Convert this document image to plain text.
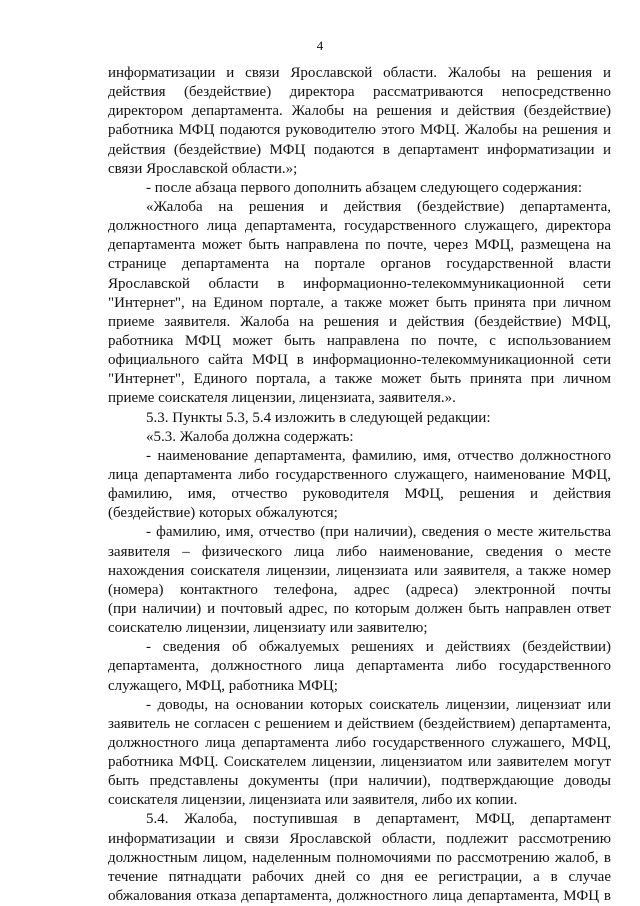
4
информатизации и связи Ярославской области. Жалобы на решения и
действия (бездействие) директора рассматриваются непосредственно
директором департамента. Жалобы на решения и действия (бездействие)
работника МФЦ подаются руководителю этого МФЦ. Жалобы на решения и
действия (бездействие) МФЦ подаются в департамент информатизации и
связи Ярославской области.»;
- после абзаца первого дополнить абзацем следующего содержания:
«Жалоба на решения и действия (бездействие) департамента,
должностного лица департамента, государственного служащего, директора
департамента может быть направлена по почте, через МФЦ, размещена на
странице департамента на портале органов государственной власти
Ярославской области в информационно-телекоммуникационной сети
"Интернет", на Едином портале, а также может быть принята при личном
приеме заявителя. Жалоба на решения и действия (бездействие) МФЦ,
работника МФЦ может быть направлена по почте, с использованием
официального сайта МФЦ в информационно-телекоммуникационной сети
"Интернет", Единого портала, а также может быть принята при личном
приеме соискателя лицензии, лицензиата, заявителя.».
5.3. Пункты 5.3, 5.4 изложить в следующей редакции:
«5.3. Жалоба должна содержать:
- наименование департамента, фамилию, имя, отчество должностного
лица департамента либо государственного служащего, наименование МФЦ,
фамилию, имя, отчество руководителя МФЦ, решения и действия
(бездействие) которых обжалуются;
- фамилию, имя, отчество (при наличии), сведения о месте жительства
заявителя – физического лица либо наименование, сведения о месте
нахождения соискателя лицензии, лицензиата или заявителя, а также номер
(номера) контактного телефона, адрес (адреса) электронной почты
(при наличии) и почтовый адрес, по которым должен быть направлен ответ
соискателю лицензии, лицензиату или заявителю;
- сведения об обжалуемых решениях и действиях (бездействии)
департамента, должностного лица департамента либо государственного
служащего, МФЦ, работника МФЦ;
- доводы, на основании которых соискатель лицензии, лицензиат или
заявитель не согласен с решением и действием (бездействием) департамента,
должностного лица департамента либо государственного служашего, МФЦ,
работника МФЦ. Соискателем лицензии, лицензиатом или заявителем могут
быть представлены документы (при наличии), подтверждающие доводы
соискателя лицензии, лицензиата или заявителя, либо их копии.
5.4. Жалоба, поступившая в департамент, МФЦ, департамент
информатизации и связи Ярославской области, подлежит рассмотрению
должностным лицом, наделенным полномочиями по рассмотрению жалоб, в
течение пятнадцати рабочих дней со дня ее регистрации, а в случае
обжалования отказа департамента, должностного лица департамента, МФЦ в
